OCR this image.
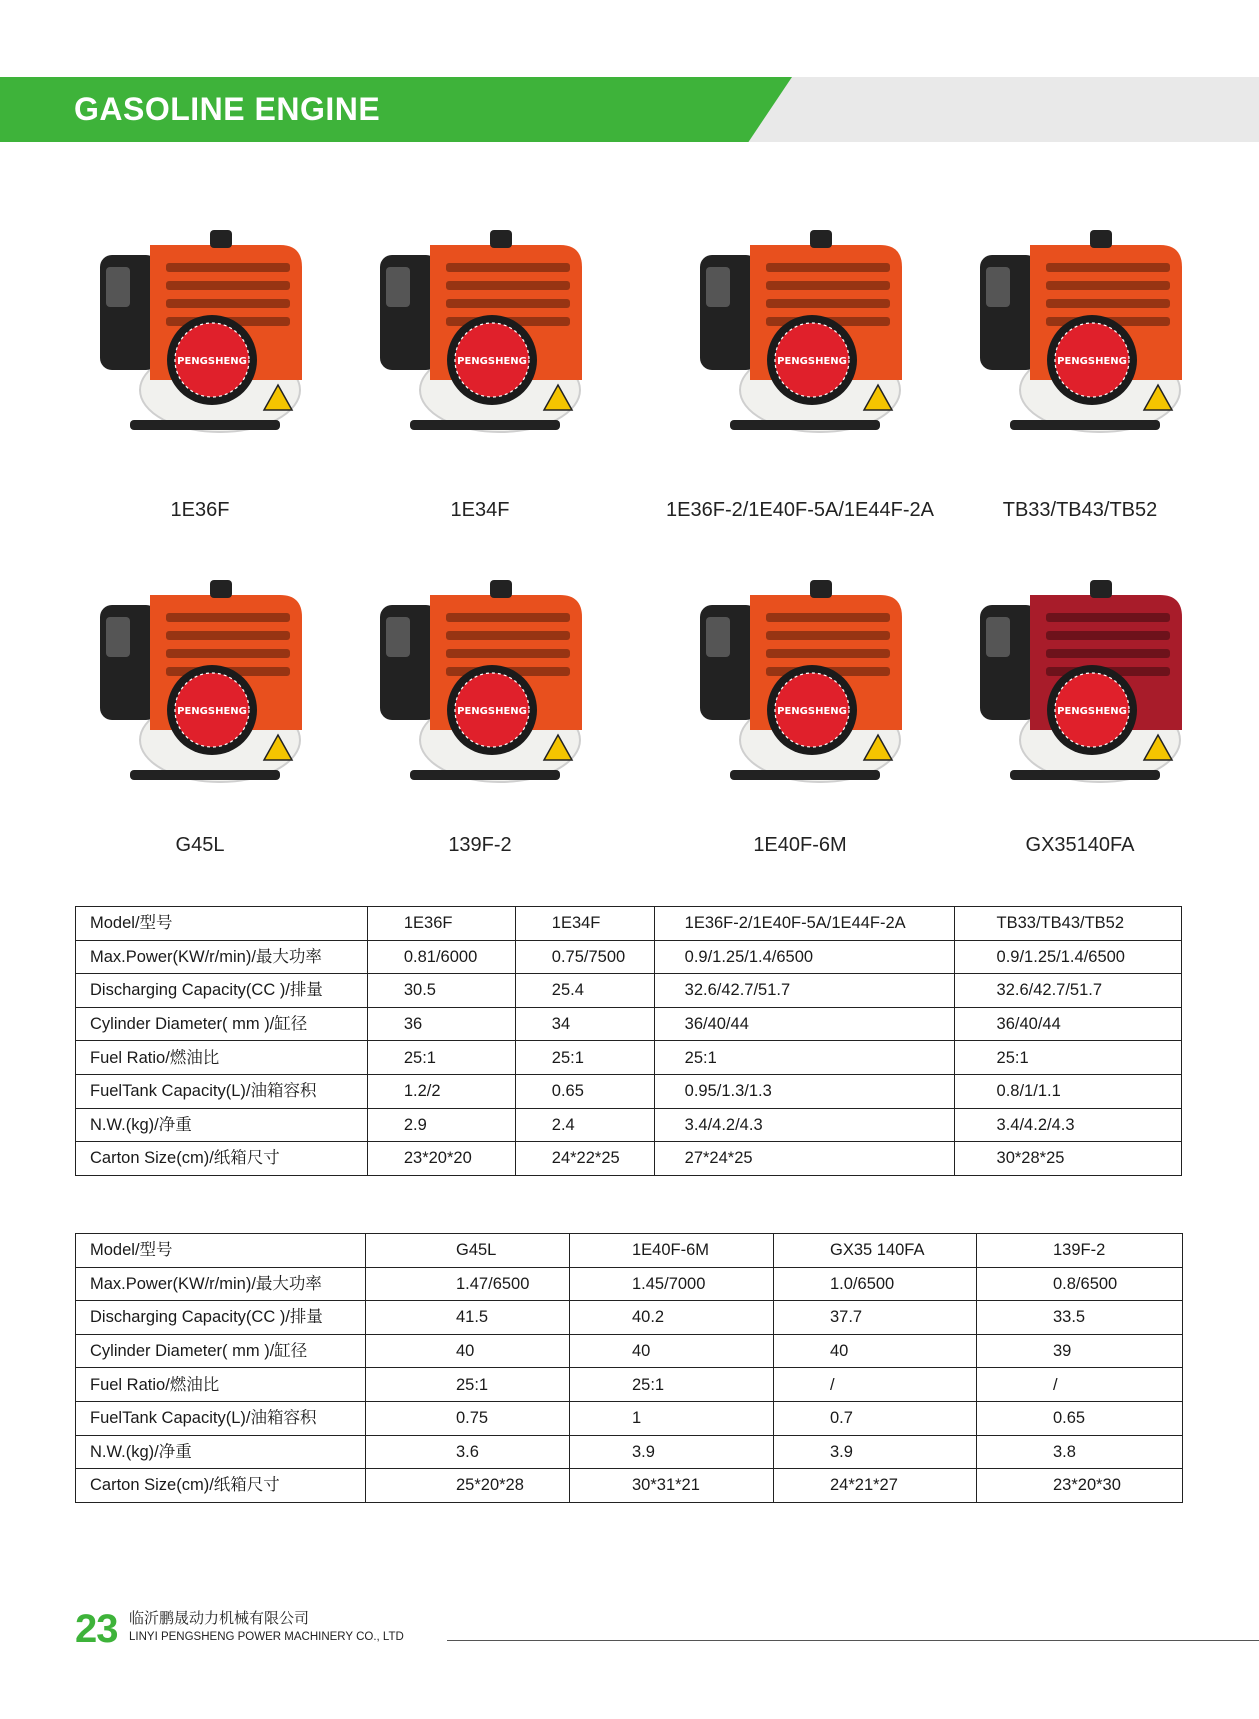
GASOLINE ENGINE
PENGSHENG
1E36F
PENGSHENG
1E34F
PENGSHENG
1E36F-2/1E40F-5A/1E44F-2A
PENGSHENG
TB33/TB43/TB52
PENGSHENG
G45L
PENGSHENG
139F-2
PENGSHENG
1E40F-6M
PENGSHENG
GX35140FA
Model/型号	1E36F	1E34F	1E36F-2/1E40F-5A/1E44F-2A	TB33/TB43/TB52
Max.Power(KW/r/min)/最大功率	0.81/6000	0.75/7500	0.9/1.25/1.4/6500	0.9/1.25/1.4/6500
Discharging Capacity(CC )/排量	30.5	25.4	32.6/42.7/51.7	32.6/42.7/51.7
Cylinder Diameter( mm )/缸径	36	34	36/40/44	36/40/44
Fuel Ratio/燃油比	25:1	25:1	25:1	25:1
FuelTank Capacity(L)/油箱容积	1.2/2	0.65	0.95/1.3/1.3	0.8/1/1.1
N.W.(kg)/净重	2.9	2.4	3.4/4.2/4.3	3.4/4.2/4.3
Carton Size(cm)/纸箱尺寸	23*20*20	24*22*25	27*24*25	30*28*25
Model/型号	G45L	1E40F-6M	GX35 140FA	139F-2
Max.Power(KW/r/min)/最大功率	1.47/6500	1.45/7000	1.0/6500	0.8/6500
Discharging Capacity(CC )/排量	41.5	40.2	37.7	33.5
Cylinder Diameter( mm )/缸径	40	40	40	39
Fuel Ratio/燃油比	25:1	25:1	/	/
FuelTank Capacity(L)/油箱容积	0.75	1	0.7	0.65
N.W.(kg)/净重	3.6	3.9	3.9	3.8
Carton Size(cm)/纸箱尺寸	25*20*28	30*31*21	24*21*27	23*20*30
23 临沂鹏晟动力机械有限公司
LINYI PENGSHENG POWER MACHINERY CO., LTD
